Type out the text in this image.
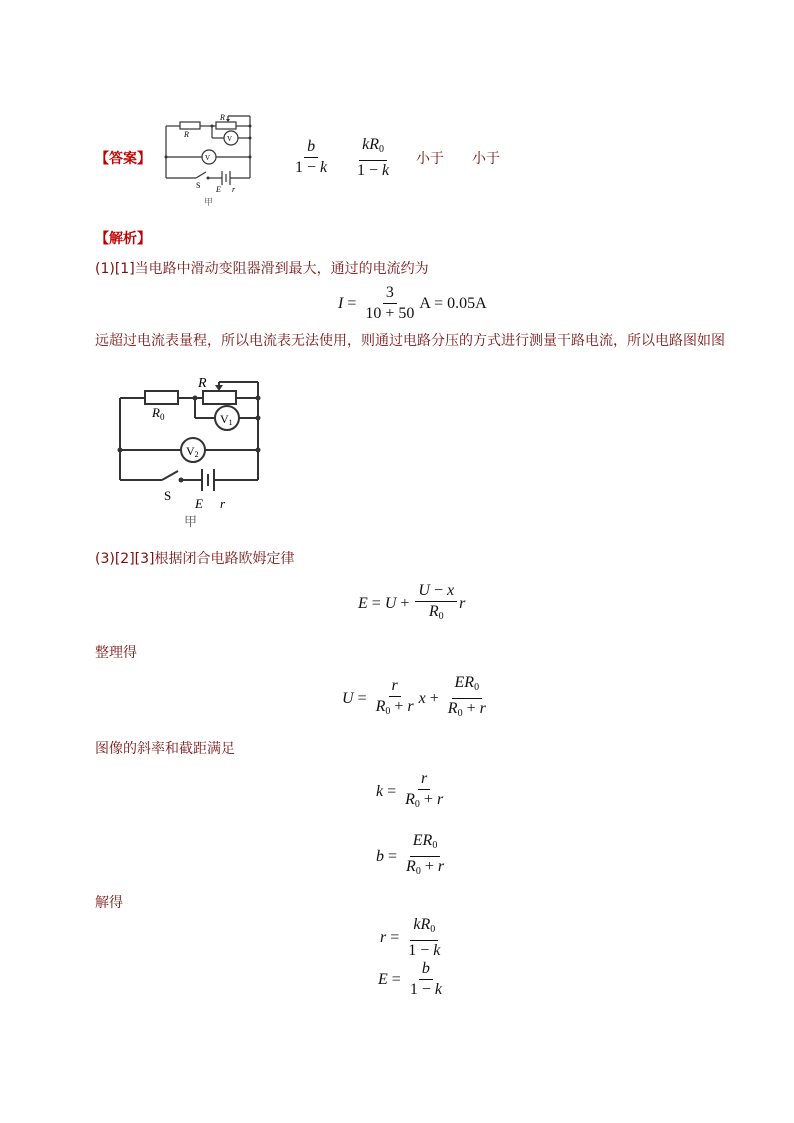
【答案】
R
R
V
V
S E r
甲
$\frac{b}{1 - k} \frac{kR_0}{1 - k}$ 小于 小于
【解析】
(1)[1]当电路中滑动变阻器滑到最大，通过的电流约为
$I = \frac{3}{10 + 50}$ A = 0.05A
远超过电流表量程，所以电流表无法使用，则通过电路分压的方式进行测量干路电流，所以电路图如图
$R_0$
R
V1
V2
S
E r
甲
(3)[2][3]根据闭合电路欧姆定律
$E = U + \frac{U - x}{R_0}$ r
整理得
$U = \frac{r}{R_0 + r}$ $x + \frac{ER_0}{R_0 + r}$
图像的斜率和截距满足
$k = \frac{r}{R_0 + r}$
$b = \frac{ER_0}{R_0 + r}$
解得
$r = \frac{kR_0}{1 - k}$
$E = \frac{b}{1 - k}$
